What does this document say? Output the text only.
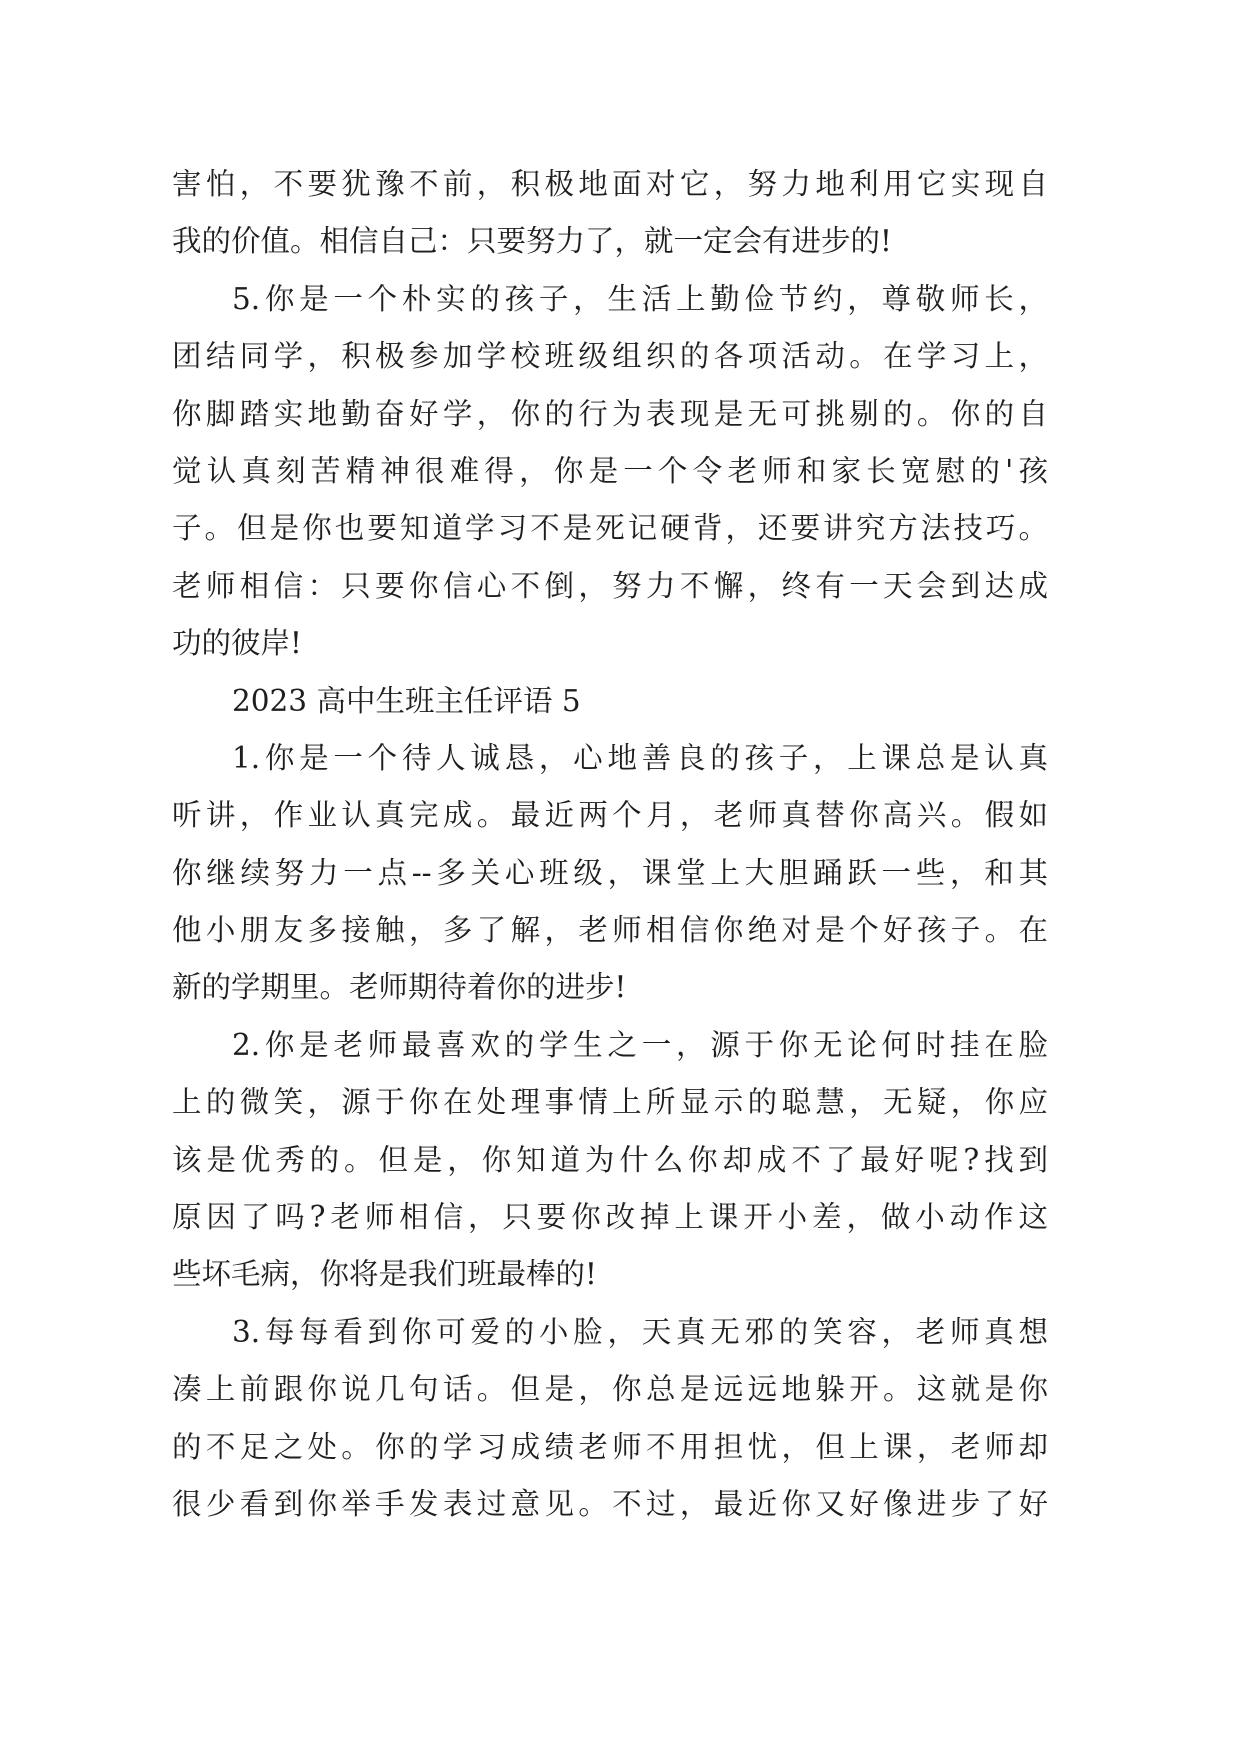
害怕，不要犹豫不前，积极地面对它，努力地利用它实现自
我的价值。相信自己：只要努力了，就一定会有进步的!
5.你是一个朴实的孩子，生活上勤俭节约，尊敬师长，
团结同学，积极参加学校班级组织的各项活动。在学习上，
你脚踏实地勤奋好学，你的行为表现是无可挑剔的。你的自
觉认真刻苦精神很难得，你是一个令老师和家长宽慰的'孩
子。但是你也要知道学习不是死记硬背，还要讲究方法技巧。
老师相信：只要你信心不倒，努力不懈，终有一天会到达成
功的彼岸!
2023 高中生班主任评语 5
1.你是一个待人诚恳，心地善良的孩子，上课总是认真
听讲，作业认真完成。最近两个月，老师真替你高兴。假如
你继续努力一点--多关心班级，课堂上大胆踊跃一些，和其
他小朋友多接触，多了解，老师相信你绝对是个好孩子。在
新的学期里。老师期待着你的进步!
2.你是老师最喜欢的学生之一，源于你无论何时挂在脸
上的微笑，源于你在处理事情上所显示的聪慧，无疑，你应
该是优秀的。但是，你知道为什么你却成不了最好呢?找到
原因了吗?老师相信，只要你改掉上课开小差，做小动作这
些坏毛病，你将是我们班最棒的!
3.每每看到你可爱的小脸，天真无邪的笑容，老师真想
凑上前跟你说几句话。但是，你总是远远地躲开。这就是你
的不足之处。你的学习成绩老师不用担忧，但上课，老师却
很少看到你举手发表过意见。不过，最近你又好像进步了好
